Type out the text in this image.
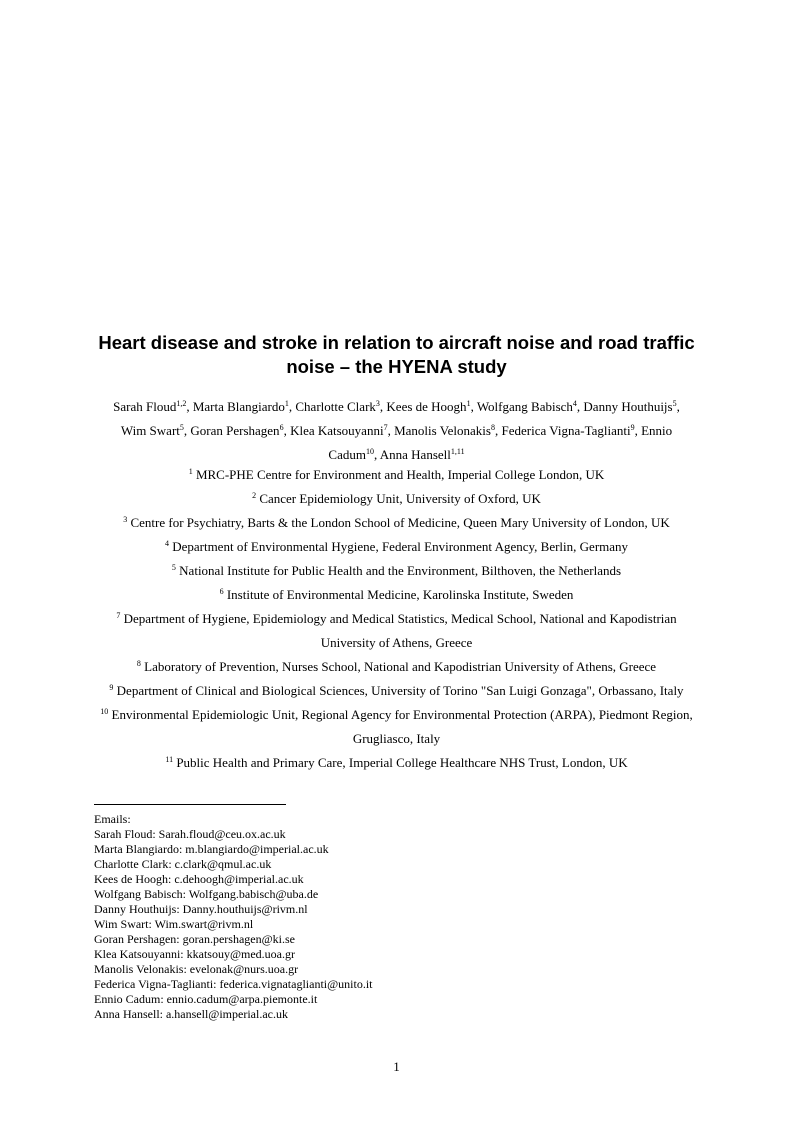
Heart disease and stroke in relation to aircraft noise and road traffic
noise – the HYENA study
Sarah Floud$^{1,2}$, Marta Blangiardo$^1$, Charlotte Clark$^3$, Kees de Hoogh$^1$, Wolfgang Babisch$^4$, Danny Houthuijs$^5$,
Wim Swart$^5$, Goran Pershagen$^6$, Klea Katsouyanni$^7$, Manolis Velonakis$^8$, Federica Vigna-Taglianti$^9$, Ennio
Cadum$^{10}$, Anna Hansell$^{1,11}$
$^1$ MRC-PHE Centre for Environment and Health, Imperial College London, UK
$^2$ Cancer Epidemiology Unit, University of Oxford, UK
$^3$ Centre for Psychiatry, Barts & the London School of Medicine, Queen Mary University of London, UK
$^4$ Department of Environmental Hygiene, Federal Environment Agency, Berlin, Germany
$^5$ National Institute for Public Health and the Environment, Bilthoven, the Netherlands
$^6$ Institute of Environmental Medicine, Karolinska Institute, Sweden
$^7$ Department of Hygiene, Epidemiology and Medical Statistics, Medical School, National and Kapodistrian
University of Athens, Greece
$^8$ Laboratory of Prevention, Nurses School, National and Kapodistrian University of Athens, Greece
$^9$ Department of Clinical and Biological Sciences, University of Torino "San Luigi Gonzaga", Orbassano, Italy
$^{10}$ Environmental Epidemiologic Unit, Regional Agency for Environmental Protection (ARPA), Piedmont Region,
Grugliasco, Italy
$^{11}$ Public Health and Primary Care, Imperial College Healthcare NHS Trust, London, UK
Emails:
Sarah Floud: Sarah.floud@ceu.ox.ac.uk
Marta Blangiardo: m.blangiardo@imperial.ac.uk
Charlotte Clark: c.clark@qmul.ac.uk
Kees de Hoogh: c.dehoogh@imperial.ac.uk
Wolfgang Babisch: Wolfgang.babisch@uba.de
Danny Houthuijs: Danny.houthuijs@rivm.nl
Wim Swart: Wim.swart@rivm.nl
Goran Pershagen: goran.pershagen@ki.se
Klea Katsouyanni: kkatsouy@med.uoa.gr
Manolis Velonakis: evelonak@nurs.uoa.gr
Federica Vigna-Taglianti: federica.vignataglianti@unito.it
Ennio Cadum: ennio.cadum@arpa.piemonte.it
Anna Hansell: a.hansell@imperial.ac.uk
1
